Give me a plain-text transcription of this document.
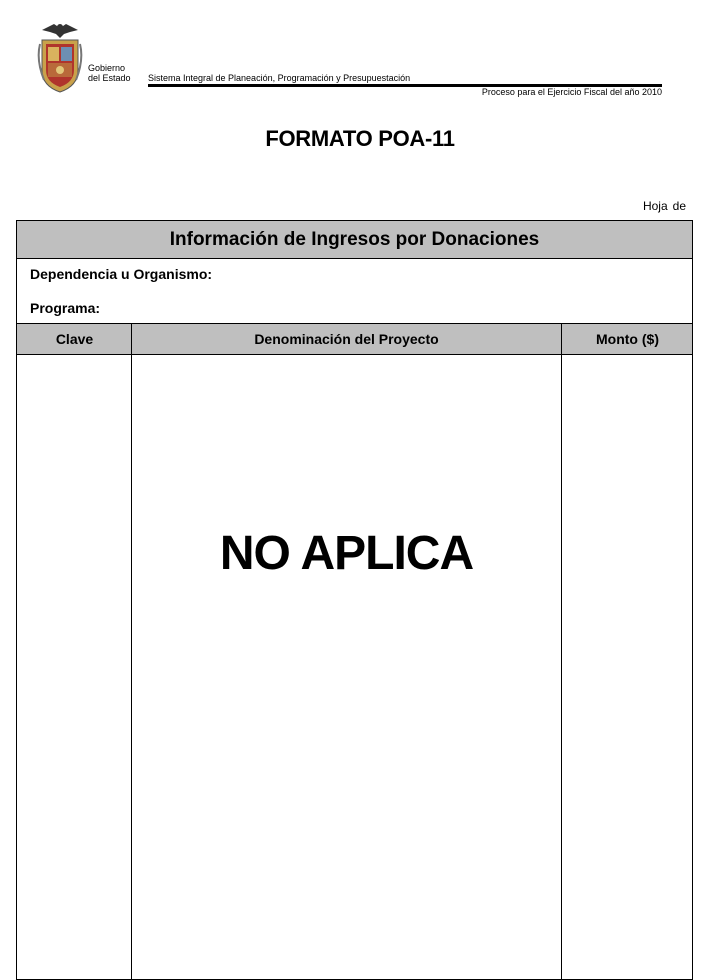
Gobierno
del Estado Sistema Integral de Planeación, Programación y Presupuestación
Proceso para el Ejercicio Fiscal del año 2010
FORMATO POA-11
Hoja de
Información de Ingresos por Donaciones
Dependencia u Organismo:
Programa:
Clave	Denominación del Proyecto	Monto ($)
NO APLICA
